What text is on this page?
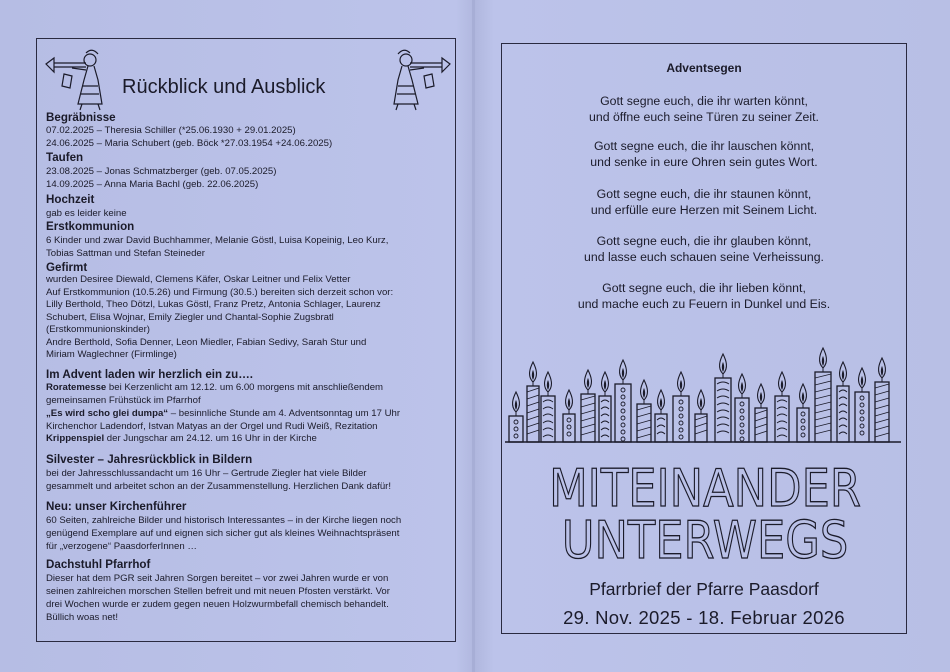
Rückblick und Ausblick
Begräbnisse
07.02.2025 – Theresia Schiller (*25.06.1930 + 29.01.2025)
24.06.2025 – Maria Schubert (geb. Böck *27.03.1954 +24.06.2025)
Taufen
23.08.2025 – Jonas Schmatzberger (geb. 07.05.2025)
14.09.2025 – Anna Maria Bachl (geb. 22.06.2025)
Hochzeit
gab es leider keine
Erstkommunion
6 Kinder und zwar David Buchhammer, Melanie Göstl, Luisa Kopeinig, Leo Kurz,
Tobias Sattman und Stefan Steineder
Gefirmt
wurden Desiree Diewald, Clemens Käfer, Oskar Leitner und Felix Vetter
Auf Erstkommunion (10.5.26) und Firmung (30.5.) bereiten sich derzeit schon vor:
Lilly Berthold, Theo Dötzl, Lukas Göstl, Franz Pretz, Antonia Schlager, Laurenz
Schubert, Elisa Wojnar, Emily Ziegler und Chantal-Sophie Zugsbratl
(Erstkommunionskinder)
Andre Berthold, Sofia Denner, Leon Miedler, Fabian Sedivy, Sarah Stur und
Miriam Waglechner (Firmlinge)
Im Advent laden wir herzlich ein zu….
Roratemesse bei Kerzenlicht am 12.12. um 6.00 morgens mit anschließendem
gemeinsamen Frühstück im Pfarrhof
„Es wird scho glei dumpa“ – besinnliche Stunde am 4. Adventsonntag um 17 Uhr
Kirchenchor Ladendorf, Istvan Matyas an der Orgel und Rudi Weiß, Rezitation
Krippenspiel der Jungschar am 24.12. um 16 Uhr in der Kirche
Silvester – Jahresrückblick in Bildern
bei der Jahresschlussandacht um 16 Uhr – Gertrude Ziegler hat viele Bilder
gesammelt und arbeitet schon an der Zusammenstellung. Herzlichen Dank dafür!
Neu: unser Kirchenführer
60 Seiten, zahlreiche Bilder und historisch Interessantes – in der Kirche liegen noch
genügend Exemplare auf und eignen sich sicher gut als kleines Weihnachtspräsent
für „verzogene“ PaasdorferInnen …
Dachstuhl Pfarrhof
Dieser hat dem PGR seit Jahren Sorgen bereitet – vor zwei Jahren wurde er von
seinen zahlreichen morschen Stellen befreit und mit neuen Pfosten verstärkt. Vor
drei Wochen wurde er zudem gegen neuen Holzwurmbefall chemisch behandelt.
Büllich woas net!
Adventsegen
Gott segne euch, die ihr warten könnt,
und öffne euch seine Türen zu seiner Zeit.
Gott segne euch, die ihr lauschen könnt,
und senke in eure Ohren sein gutes Wort.
Gott segne euch, die ihr staunen könnt,
und erfülle eure Herzen mit Seinem Licht.
Gott segne euch, die ihr glauben könnt,
und lasse euch schauen seine Verheissung.
Gott segne euch, die ihr lieben könnt,
und mache euch zu Feuern in Dunkel und Eis.
MITEINANDER
UNTERWEGS
Pfarrbrief der Pfarre Paasdorf
29. Nov. 2025 - 18. Februar 2026
